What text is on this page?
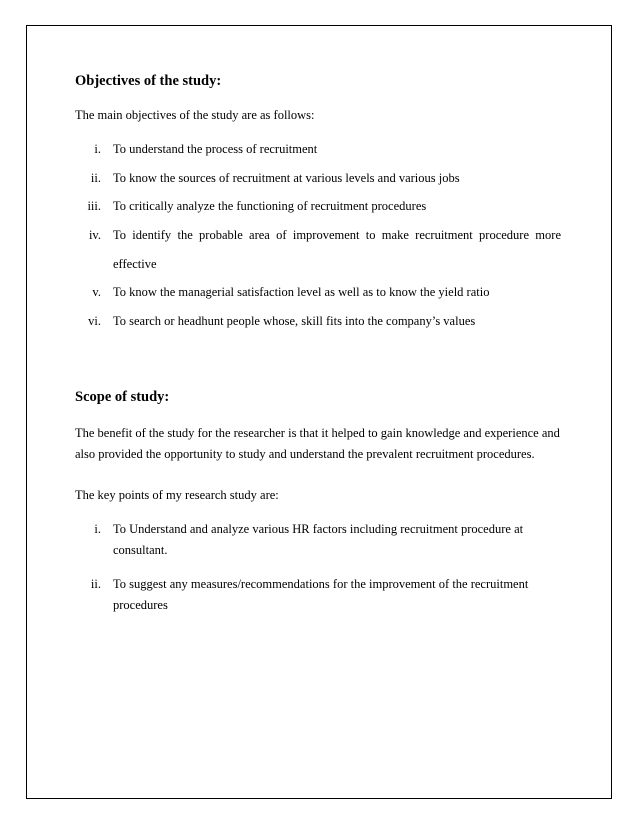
Objectives of the study:
The main objectives of the study are as follows:
i. To understand the process of recruitment
ii. To know the sources of recruitment at various levels and various jobs
iii. To critically analyze the functioning of recruitment procedures
iv. To identify the probable area of improvement to make recruitment procedure more
effective
v. To know the managerial satisfaction level as well as to know the yield ratio
vi. To search or headhunt people whose, skill fits into the company’s values
Scope of study:
The benefit of the study for the researcher is that it helped to gain knowledge and experience and also provided the opportunity to study and understand the prevalent recruitment procedures.
The key points of my research study are:
i. To Understand and analyze various HR factors including recruitment procedure at consultant.
ii. To suggest any measures/recommendations for the improvement of the recruitment procedures
